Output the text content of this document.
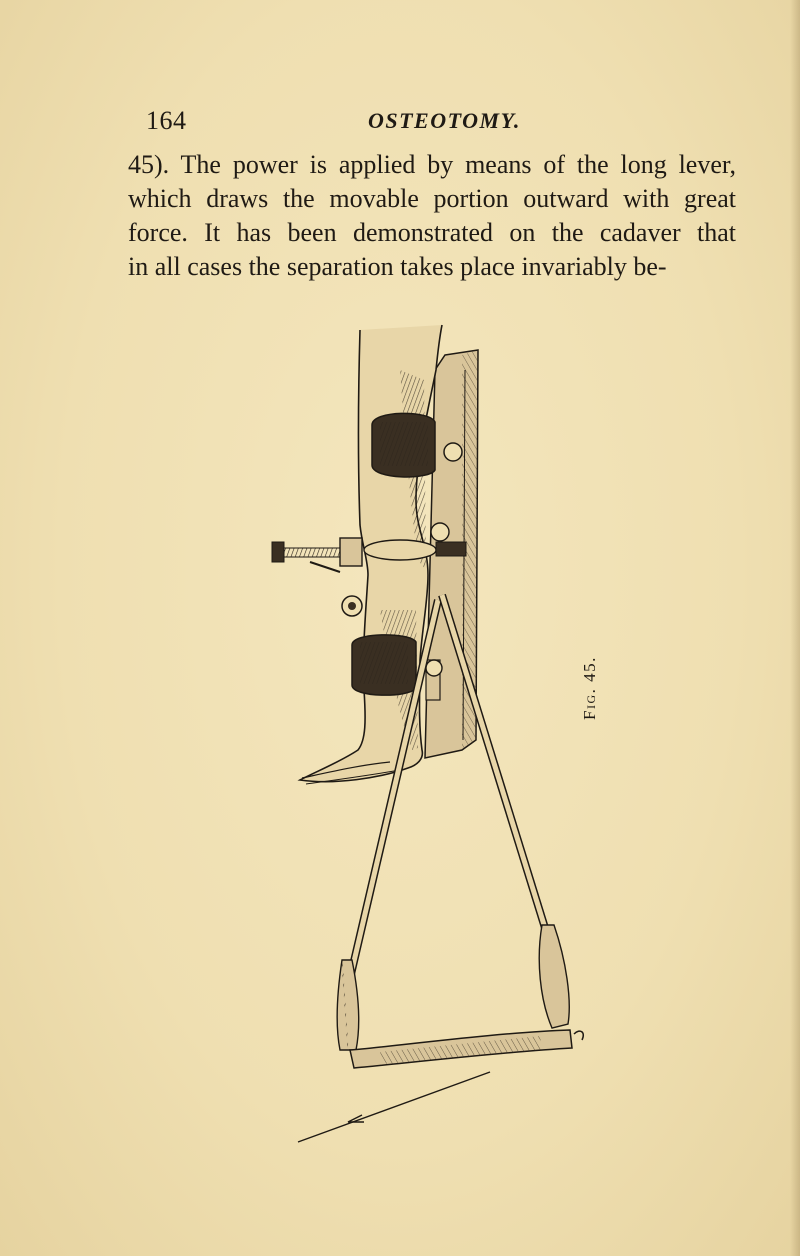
164	OSTEOTOMY.

45). The power is applied by means of the long lever,

which draws the movable portion outward with great

force. It has been demonstrated on the cadaver that

in all cases the separation takes place invariably be-

Fig. 45.
